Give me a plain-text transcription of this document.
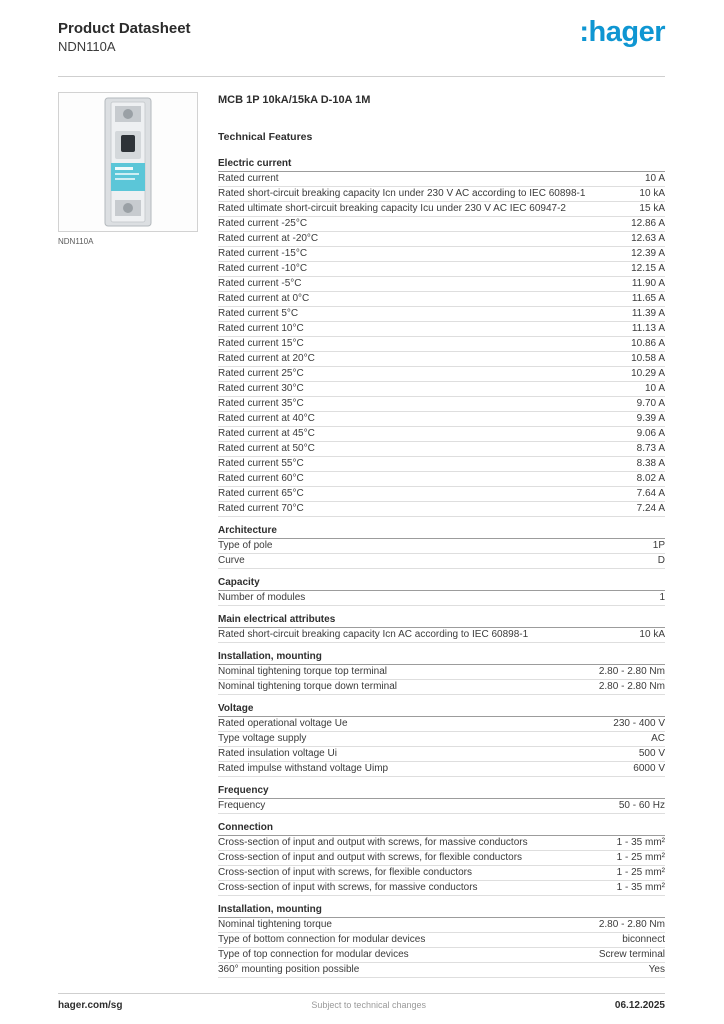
Product Datasheet
NDN110A	:hager
NDN110A
MCB 1P 10kA/15kA D-10A 1M
Technical Features
Electric current
Rated current	10 A
Rated short-circuit breaking capacity Icn under 230 V AC according to IEC 60898-1	10 kA
Rated ultimate short-circuit breaking capacity Icu under 230 V AC IEC 60947-2	15 kA
Rated current -25°C	12.86 A
Rated current at -20°C	12.63 A
Rated current -15°C	12.39 A
Rated current -10°C	12.15 A
Rated current -5°C	11.90 A
Rated current at 0°C	11.65 A
Rated current 5°C	11.39 A
Rated current 10°C	11.13 A
Rated current 15°C	10.86 A
Rated current at 20°C	10.58 A
Rated current 25°C	10.29 A
Rated current 30°C	10 A
Rated current 35°C	9.70 A
Rated current at 40°C	9.39 A
Rated current at 45°C	9.06 A
Rated current at 50°C	8.73 A
Rated current 55°C	8.38 A
Rated current 60°C	8.02 A
Rated current 65°C	7.64 A
Rated current 70°C	7.24 A
Architecture
Type of pole	1P
Curve	D
Capacity
Number of modules	1
Main electrical attributes
Rated short-circuit breaking capacity Icn AC according to IEC 60898-1	10 kA
Installation, mounting
Nominal tightening torque top terminal	2.80 - 2.80 Nm
Nominal tightening torque down terminal	2.80 - 2.80 Nm
Voltage
Rated operational voltage Ue	230 - 400 V
Type voltage supply	AC
Rated insulation voltage Ui	500 V
Rated impulse withstand voltage Uimp	6000 V
Frequency
Frequency	50 - 60 Hz
Connection
Cross-section of input and output with screws, for massive conductors	1 - 35 mm²
Cross-section of input and output with screws, for flexible conductors	1 - 25 mm²
Cross-section of input with screws, for flexible conductors	1 - 25 mm²
Cross-section of input with screws, for massive conductors	1 - 35 mm²
Installation, mounting
Nominal tightening torque	2.80 - 2.80 Nm
Type of bottom connection for modular devices	biconnect
Type of top connection for modular devices	Screw terminal
360° mounting position possible	Yes
hager.com/sg	Subject to technical changes	06.12.2025
